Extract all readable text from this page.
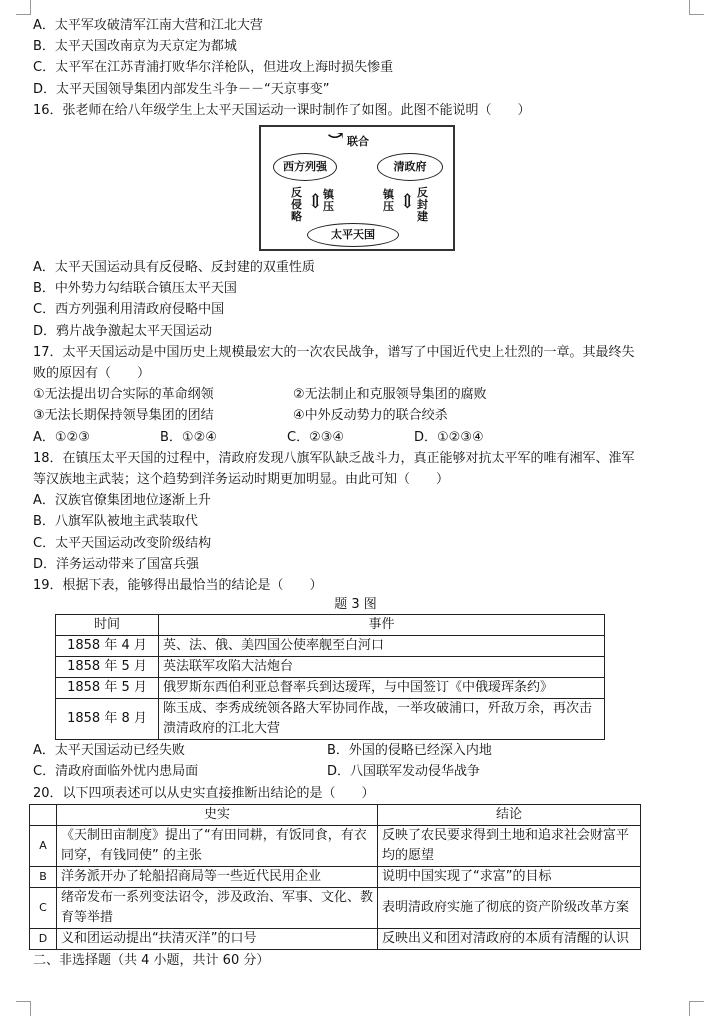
A．太平军攻破清军江南大营和江北大营
B．太平天国改南京为天京定为都城
C．太平军在江苏青浦打败华尔洋枪队，但进攻上海时损失惨重
D．太平天国领导集团内部发生斗争－－“天京事变”
16．张老师在给八年级学生上太平天国运动一课时制作了如图。此图不能说明（　　）
西方列强	清政府
太平天国
联合
⤻
反侵略
⇕ 镇压
镇压 ⇕ 反封建
A．太平天国运动具有反侵略、反封建的双重性质
B．中外势力勾结联合镇压太平天国
C．西方列强利用清政府侵略中国
D．鸦片战争激起太平天国运动
17．太平天国运动是中国历史上规模最宏大的一次农民战争，谱写了中国近代史上壮烈的一章。其最终失
败的原因有（　　）
①无法提出切合实际的革命纲领	②无法制止和克服领导集团的腐败
③无法长期保持领导集团的团结	④中外反动势力的联合绞杀
A．①②③	B．①②④	C．②③④	D．①②③④
18．在镇压太平天国的过程中，清政府发现八旗军队缺乏战斗力，真正能够对抗太平军的唯有湘军、淮军
等汉族地主武装；这个趋势到洋务运动时期更加明显。由此可知（　　）
A．汉族官僚集团地位逐渐上升
B．八旗军队被地主武装取代
C．太平天国运动改变阶级结构
D．洋务运动带来了国富兵强
19．根据下表，能够得出最恰当的结论是（　　）
题 3 图
时间	事件
1858 年 4 月	英、法、俄、美四国公使率舰至白河口
1858 年 5 月	英法联军攻陷大沽炮台
1858 年 5 月	俄罗斯东西伯利亚总督率兵到达瑷珲，与中国签订《中俄瑷珲条约》
1858 年 8 月	陈玉成、李秀成统领各路大军协同作战，一举攻破浦口，歼敌万余，再次击溃清政府的江北大营
A．太平天国运动已经失败	B．外国的侵略已经深入内地
C．清政府面临外忧内患局面	D．八国联军发动侵华战争
20．以下四项表述可以从史实直接推断出结论的是（　　）
	史实	结论
A	《天制田亩制度》提出了“有田同耕，有饭同食，有衣同穿，有钱同使” 的主张	反映了农民要求得到土地和追求社会财富平均的愿望
B	洋务派开办了轮船招商局等一些近代民用企业	说明中国实现了“求富”的目标
C	绪帝发布一系列变法诏令，涉及政治、军事、文化、教育等举措	表明清政府实施了彻底的资产阶级改革方案
D	义和团运动提出“扶清灭洋”的口号	反映出义和团对清政府的本质有清醒的认识
二、非选择题（共 4 小题，共计 60 分）
